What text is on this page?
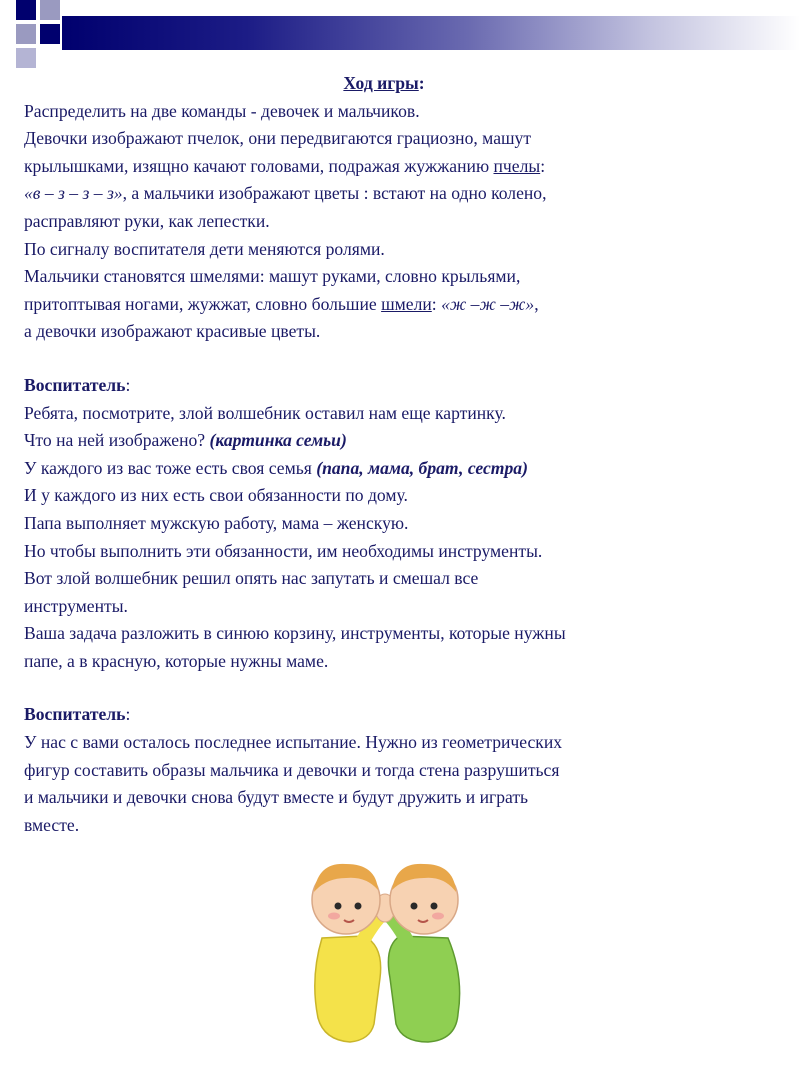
Ход игры:

Распределить на две команды - девочек и мальчиков.

Девочки изображают пчелок, они передвигаются грациозно, машут

крылышками, изящно качают головами, подражая жужжанию пчелы:

«в – з – з – з», а мальчики изображают цветы : встают на одно колено,

расправляют руки, как лепестки.

По сигналу воспитателя дети меняются ролями.

Мальчики становятся шмелями: машут руками, словно крыльями,

притоптывая ногами, жужжат, словно большие шмели: «ж –ж –ж»,

а девочки изображают красивые цветы.

Воспитатель:

Ребята, посмотрите, злой волшебник оставил нам еще картинку.

Что на ней изображено? (картинка семьи)

У каждого из вас тоже есть своя семья (папа, мама, брат, сестра)

И у каждого из них есть свои обязанности по дому.

Папа выполняет мужскую работу, мама – женскую.

Но чтобы выполнить эти обязанности, им необходимы инструменты.

Вот злой волшебник решил опять нас запутать и смешал все

инструменты.

Ваша задача разложить в синюю корзину, инструменты, которые нужны

папе, а в красную, которые нужны маме.

Воспитатель:

У нас с вами осталось последнее испытание. Нужно из геометрических

фигур составить образы мальчика и девочки и тогда стена разрушиться

и мальчики и девочки снова будут вместе и будут дружить и играть

вместе.
